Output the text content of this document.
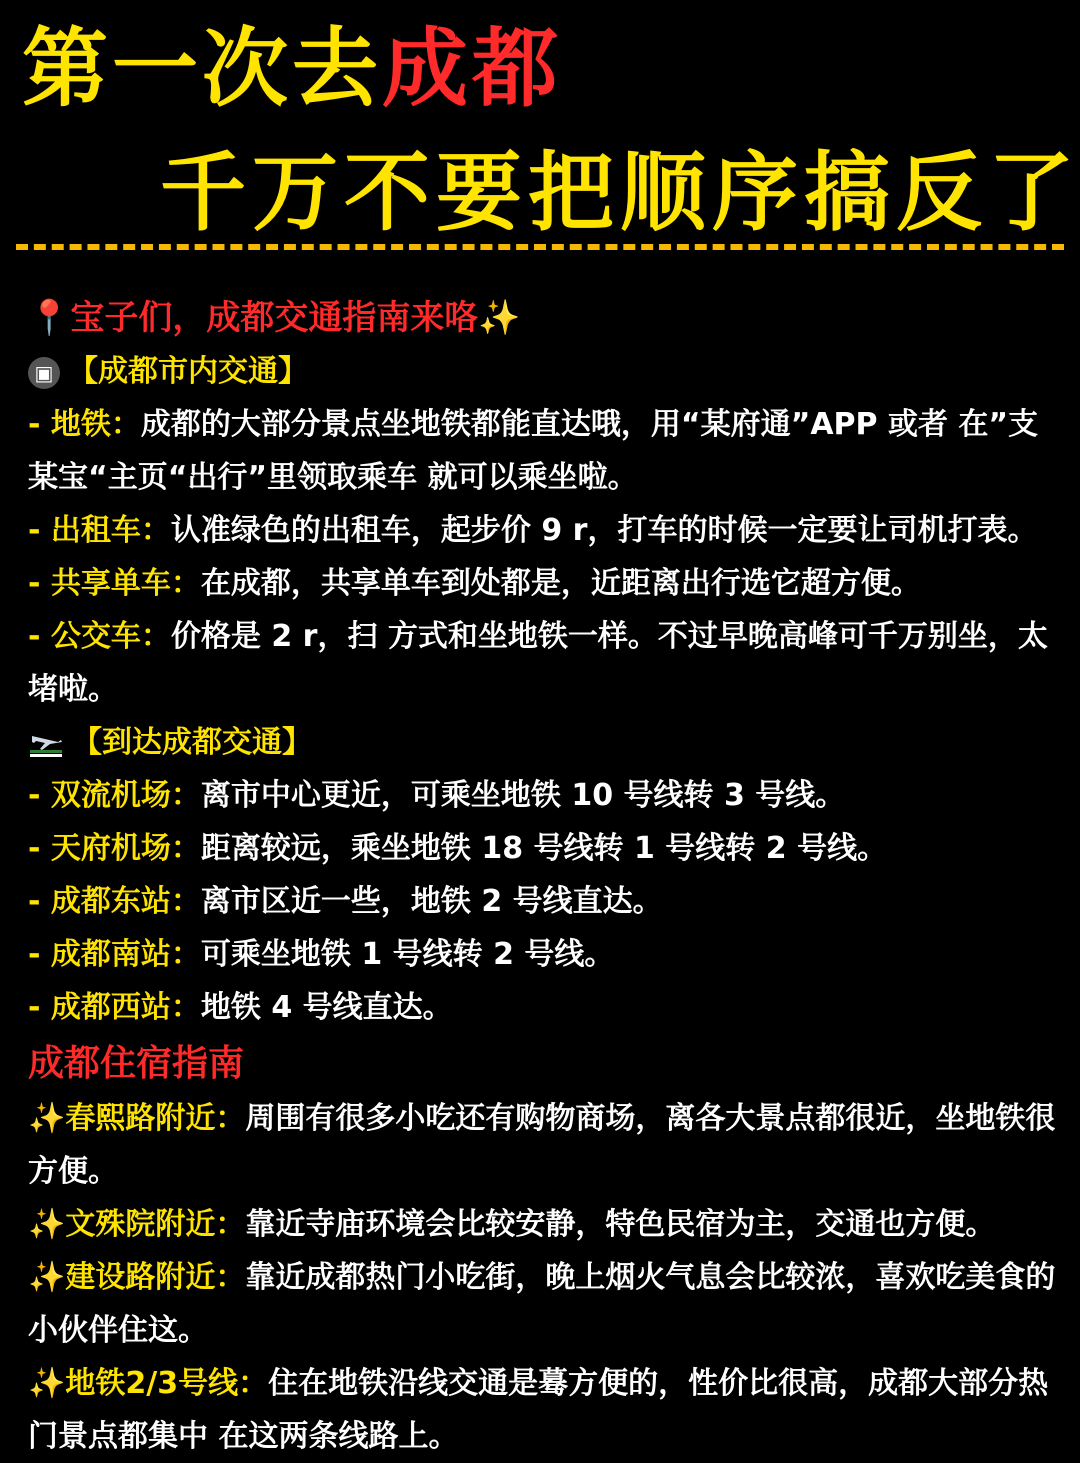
第一次去成都
千万不要把顺序搞反了
📍宝子们，成都交通指南来咯✨
▣ 【成都市内交通】
- 地铁：成都的大部分景点坐地铁都能直达哦，用“某府通”APP 或者 在”支某宝“主页“出行”里领取乘车 就可以乘坐啦。
- 出租车：认准绿色的出租车，起步价 9 r，打车的时候一定要让司机打表。
- 共享单车：在成都，共享单车到处都是，近距离出行选它超方便。
- 公交车：价格是 2 r，扫 方式和坐地铁一样。不过早晚高峰可千万别坐，太堵啦。
【到达成都交通】
- 双流机场：离市中心更近，可乘坐地铁 10 号线转 3 号线。
- 天府机场：距离较远，乘坐地铁 18 号线转 1 号线转 2 号线。
- 成都东站：离市区近一些，地铁 2 号线直达。
- 成都南站：可乘坐地铁 1 号线转 2 号线。
- 成都西站：地铁 4 号线直达。
成都住宿指南
✨春熙路附近：周围有很多小吃还有购物商场，离各大景点都很近，坐地铁很方便。
✨文殊院附近：靠近寺庙环境会比较安静，特色民宿为主，交通也方便。
✨建设路附近：靠近成都热门小吃街，晚上烟火气息会比较浓，喜欢吃美食的小伙伴住这。
✨地铁2/3号线：住在地铁沿线交通是蓦方便的，性价比很高，成都大部分热门景点都集中 在这两条线路上。
